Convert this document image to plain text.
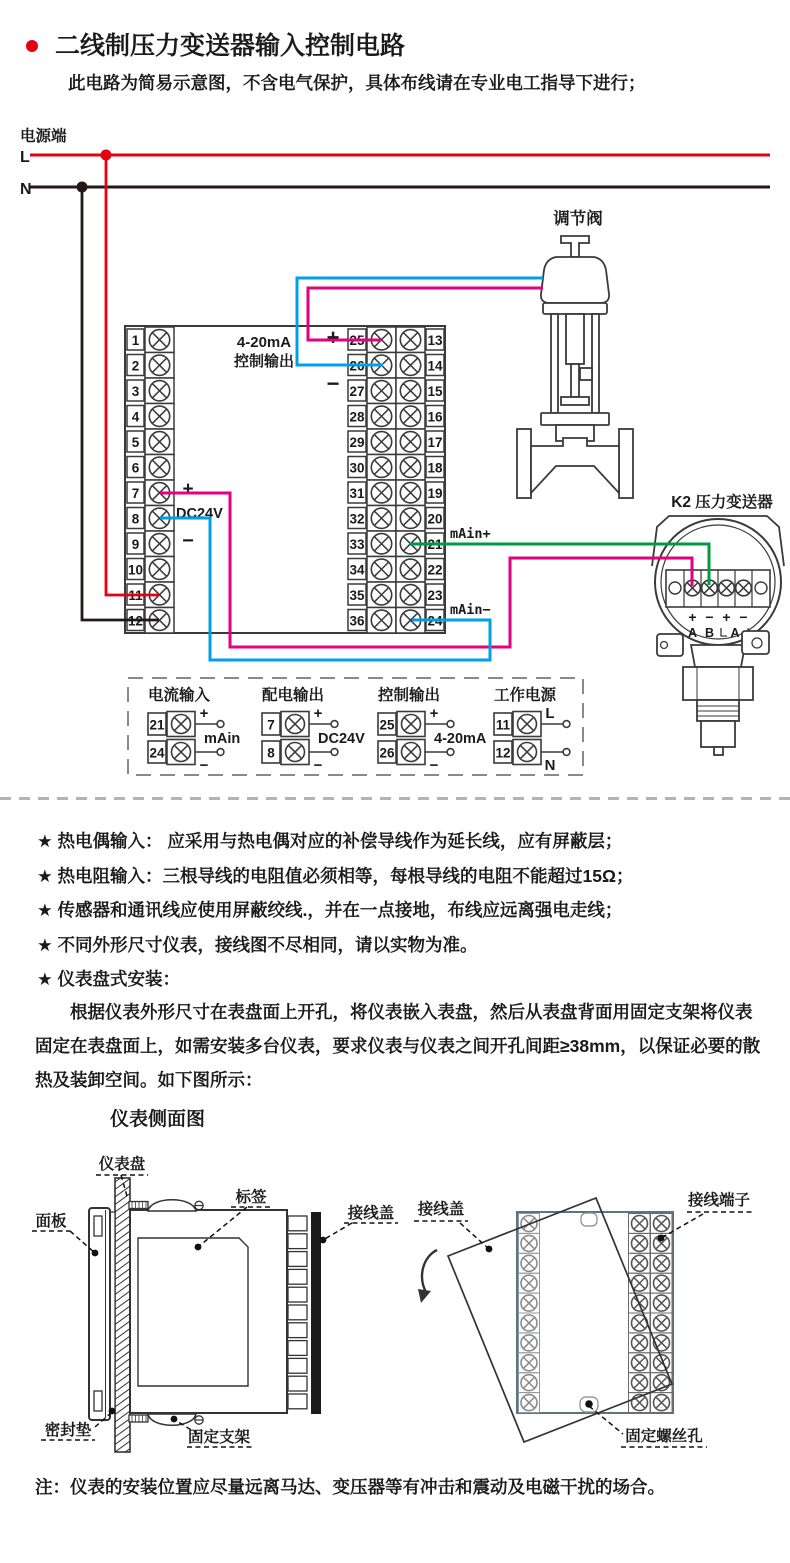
二线制压力变送器输入控制电路
此电路为简易示意图，不含电气保护，具体布线请在专业电工指导下进行；
电源端
L
N
1
2
3
4
5
6
7
8
9
10
11
12
25	13
26	14
27	15
28	16
29	17
30	18
31	19
32	20
33	21
34	22
35	23
36	24
4-20mA
控制输出
+
−
+
DC24V
−	mAin+
mAin−
调节阀
K2 压力变送器
+ − + −
A B A
电流输入
21
+
24
−
mAin
配电输出
7
+
8
−
DC24V
控制输出
25
+
26
−
4-20mA
工作电源
11
L
12
N
★ 热电偶输入： 应采用与热电偶对应的补偿导线作为延长线，应有屏蔽层；
★ 热电阻输入：三根导线的电阻值必须相等，每根导线的电阻不能超过15Ω；
★ 传感器和通讯线应使用屏蔽绞线.，并在一点接地，布线应远离强电走线；
★ 不同外形尺寸仪表，接线图不尽相同，请以实物为准。
★ 仪表盘式安装：

根据仪表外形尺寸在表盘面上开孔，将仪表嵌入表盘，然后从表盘背面用固定支架将仪表固定在表盘面上，如需安装多台仪表，要求仪表与仪表之间开孔间距≥38mm，以保证必要的散热及装卸空间。如下图所示：

仪表侧面图
仪表盘
面板
标签
接线盖
密封垫	固定支架
接线盖
接线端子
固定螺丝孔

注：仪表的安装位置应尽量远离马达、变压器等有冲击和震动及电磁干扰的场合。
